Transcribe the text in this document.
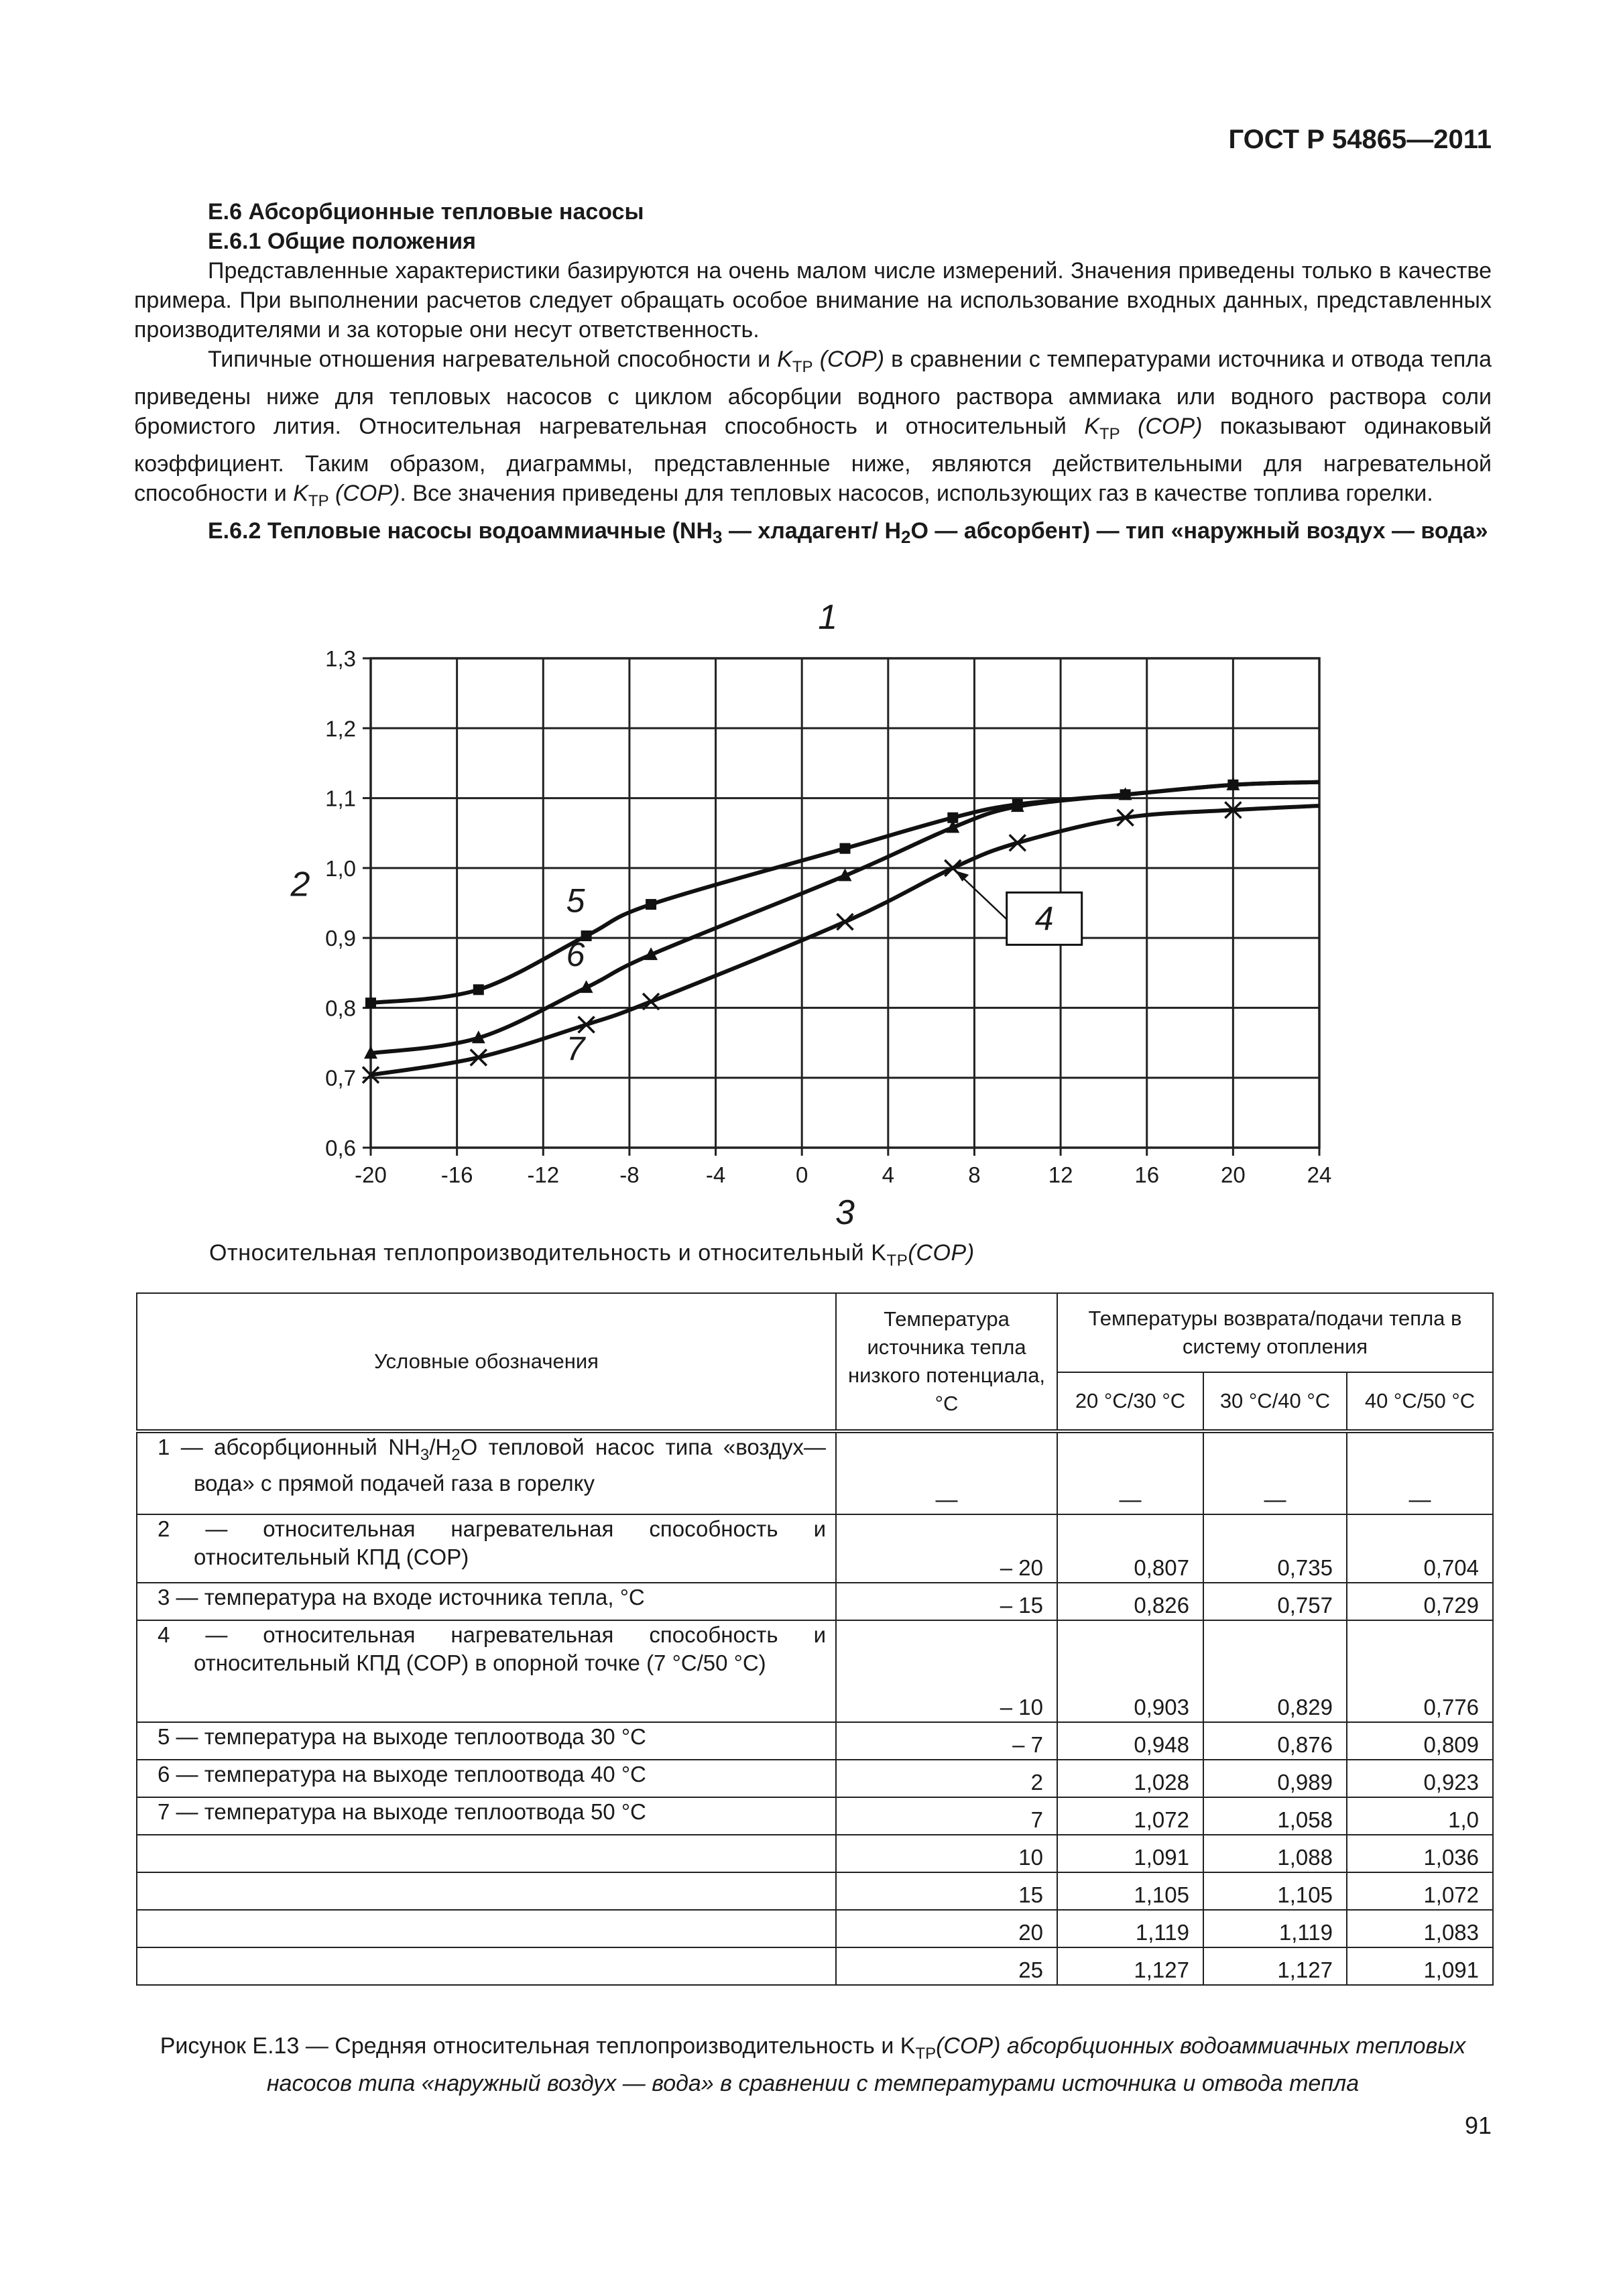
ГОСТ Р 54865—2011
Е.6 Абсорбционные тепловые насосы
Е.6.1 Общие положения
Представленные характеристики базируются на очень малом числе измерений. Значения приведены только в качестве примера. При выполнении расчетов следует обращать особое внимание на использование входных данных, представленных производителями и за которые они несут ответственность.
Типичные отношения нагревательной способности и $K_{TP}$ (COP) в сравнении с температурами источника и отвода тепла приведены ниже для тепловых насосов с циклом абсорбции водного раствора аммиака или водного раствора соли бромистого лития. Относительная нагревательная способность и относительный $K_{TP}$ (COP) показывают одинаковый коэффициент. Таким образом, диаграммы, представленные ниже, являются действительными для нагревательной способности и $K_{TP}$ (COP). Все значения приведены для тепловых насосов, использующих газ в качестве топлива горелки.
Е.6.2 Тепловые насосы водоаммиачные ($NH_3$ — хладагент/ $H_2O$ — абсорбент) — тип «наружный воздух — вода»
-20 -16 -12	-8	-4	0	4	8	12	16	20	24
1,3
1,2
1,1
1,0
0,9
0,8
0,7
0,6
5
6
7
1
2
3
4
Относительная теплопроизводительность и относительный $K_{TP}(COP)$
Условные обозначения	Температура источника тепла низкого потенциала, °С	Температуры возврата/подачи тепла в систему отопления		
		20 °С/30 °С	30 °С/40 °С	40 °С/50 °С

1 — абсорбционный $NH_3/H_2O$ тепловой насос типа «воздух—вода» с прямой подачей газа в горелку	—	—	—	—

2 — относительная нагревательная способность и относительный КПД (COP)	– 20	0,807	0,735	0,704

3 — температура на входе источника тепла, °С	– 15	0,826	0,757	0,729

4 — относительная нагревательная способность и относительный КПД (COP) в опорной точке (7 °С/50 °С)	– 10	0,903	0,829	0,776

5 — температура на выходе теплоотвода 30 °С	– 7	0,948	0,876	0,809

6 — температура на выходе теплоотвода 40 °С	2	1,028	0,989	0,923

7 — температура на выходе теплоотвода 50 °С	7	1,072	1,058	1,0
	10	1,091	1,088	1,036
	15	1,105	1,105	1,072
	20	1,119	1,119	1,083
	25	1,127	1,127	1,091
Рисунок Е.13 — Средняя относительная теплопроизводительность и $K_{TP}(COP)$ абсорбционных водоаммиачных тепловых насосов типа «наружный воздух — вода» в сравнении с температурами источника и отвода тепла
91
